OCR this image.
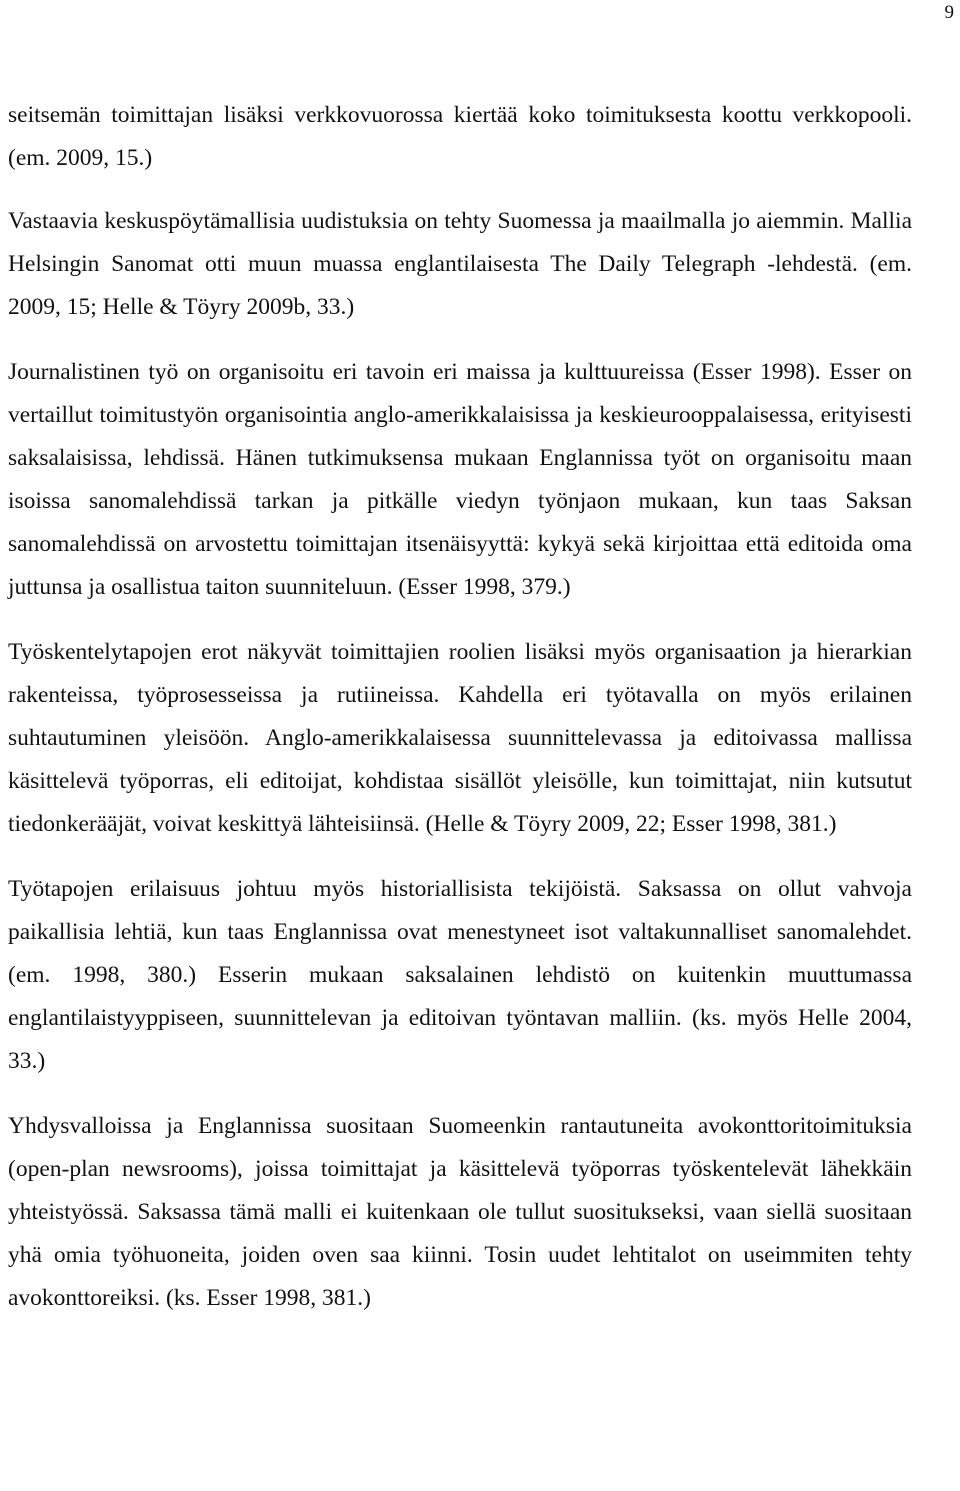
9

seitsemän toimittajan lisäksi verkkovuorossa kiertää koko toimituksesta koottu verkkopooli. (em. 2009, 15.)

Vastaavia keskuspöytämallisia uudistuksia on tehty Suomessa ja maailmalla jo aiemmin. Mallia Helsingin Sanomat otti muun muassa englantilaisesta The Daily Telegraph -lehdestä. (em. 2009, 15; Helle & Töyry 2009b, 33.)

Journalistinen työ on organisoitu eri tavoin eri maissa ja kulttuureissa (Esser 1998). Esser on vertaillut toimitustyön organisointia anglo-amerikkalaisissa ja keskieurooppalaisessa, erityisesti saksalaisissa, lehdissä. Hänen tutkimuksensa mukaan Englannissa työt on organisoitu maan isoissa sanomalehdissä tarkan ja pitkälle viedyn työnjaon mukaan, kun taas Saksan sanomalehdissä on arvostettu toimittajan itsenäisyyttä: kykyä sekä kirjoittaa että editoida oma juttunsa ja osallistua taiton suunniteluun. (Esser 1998, 379.)

Työskentelytapojen erot näkyvät toimittajien roolien lisäksi myös organisaation ja hierarkian rakenteissa, työprosesseissa ja rutiineissa. Kahdella eri työtavalla on myös erilainen suhtautuminen yleisöön. Anglo-amerikkalaisessa suunnittelevassa ja editoivassa mallissa käsittelevä työporras, eli editoijat, kohdistaa sisällöt yleisölle, kun toimittajat, niin kutsutut tiedonkerääjät, voivat keskittyä lähteisiinsä. (Helle & Töyry 2009, 22; Esser 1998, 381.)

Työtapojen erilaisuus johtuu myös historiallisista tekijöistä. Saksassa on ollut vahvoja paikallisia lehtiä, kun taas Englannissa ovat menestyneet isot valtakunnalliset sanomalehdet. (em. 1998, 380.) Esserin mukaan saksalainen lehdistö on kuitenkin muuttumassa englantilaistyyppiseen, suunnittelevan ja editoivan työntavan malliin. (ks. myös Helle 2004, 33.)

Yhdysvalloissa ja Englannissa suositaan Suomeenkin rantautuneita avokonttoritoimituksia (open-plan newsrooms), joissa toimittajat ja käsittelevä työporras työskentelevät lähekkäin yhteistyössä. Saksassa tämä malli ei kuitenkaan ole tullut suositukseksi, vaan siellä suositaan yhä omia työhuoneita, joiden oven saa kiinni. Tosin uudet lehtitalot on useimmiten tehty avokonttoreiksi. (ks. Esser 1998, 381.)
